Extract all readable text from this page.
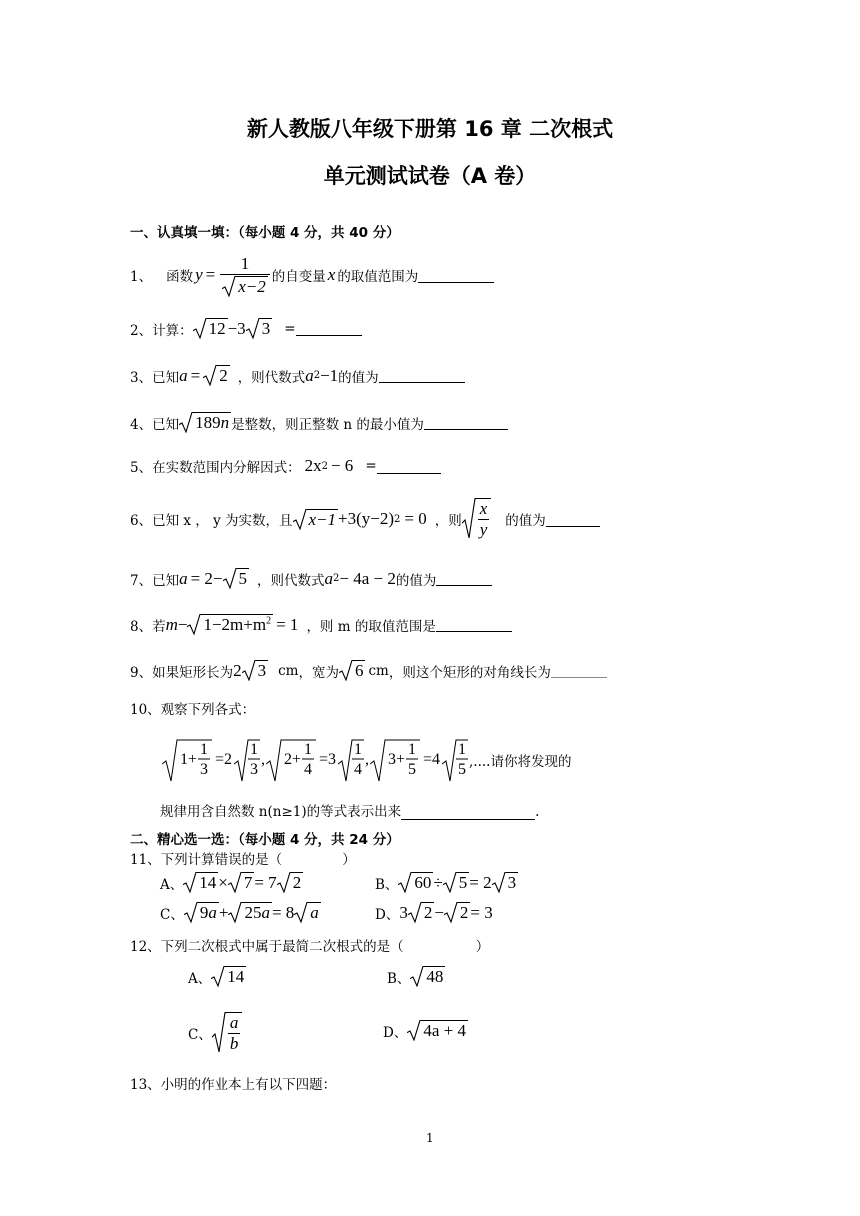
新人教版八年级下册第 16 章 二次根式
单元测试试卷（A 卷）
一、认真填一填：（每小题 4 分，共 40 分）
1、 函数 $y = \frac{1}{x-2}$ 的自变量 x 的取值范围为
2、计算： 12 −3 3 =
3、已知 a =	2 ，则代数式 a 2 −1 的值为
4、已知 189n 是整数，则正整数 n 的最小值为
5、在实数范围内分解因式： 2x 2 − 6 =
6、已知 x ， y 为实数，且 x−1 +3(y−2) 2 = 0 ，则 $\frac{x}{y}$ 的值为
7、已知 a = 2− 5 ，则代数式 a 2 − 4a − 2 的值为
8、若 $m - 1-2m+m^2 = 1$ ，则 m 的取值范围是
9、如果矩形长为 2 3 cm ，宽为 6 cm ，则这个矩形的对角线长为
10、观察下列各式：
1+
1
3
=2
1
3
, 2+
1
4
=3
1
4
, 3+
1
5
=4
1
5 ,....请你将发现的
规律用含自然数 n(n≥1)的等式表示出来	.
二、精心选一选：（每小题 4 分，共 24 分）
11、下列计算错误的是（	）
A、 14 × 7 = 7 2	B、 60 ÷ 5 = 2 3
C、 9a + 25a = 8 a	D、 3 2 − 2 = 3
12、下列二次根式中属于最简二次根式的是（	）
A、 14	B、 48
C、 $\frac{a}{b}$	D、 4a + 4
13、小明的作业本上有以下四题：
1
